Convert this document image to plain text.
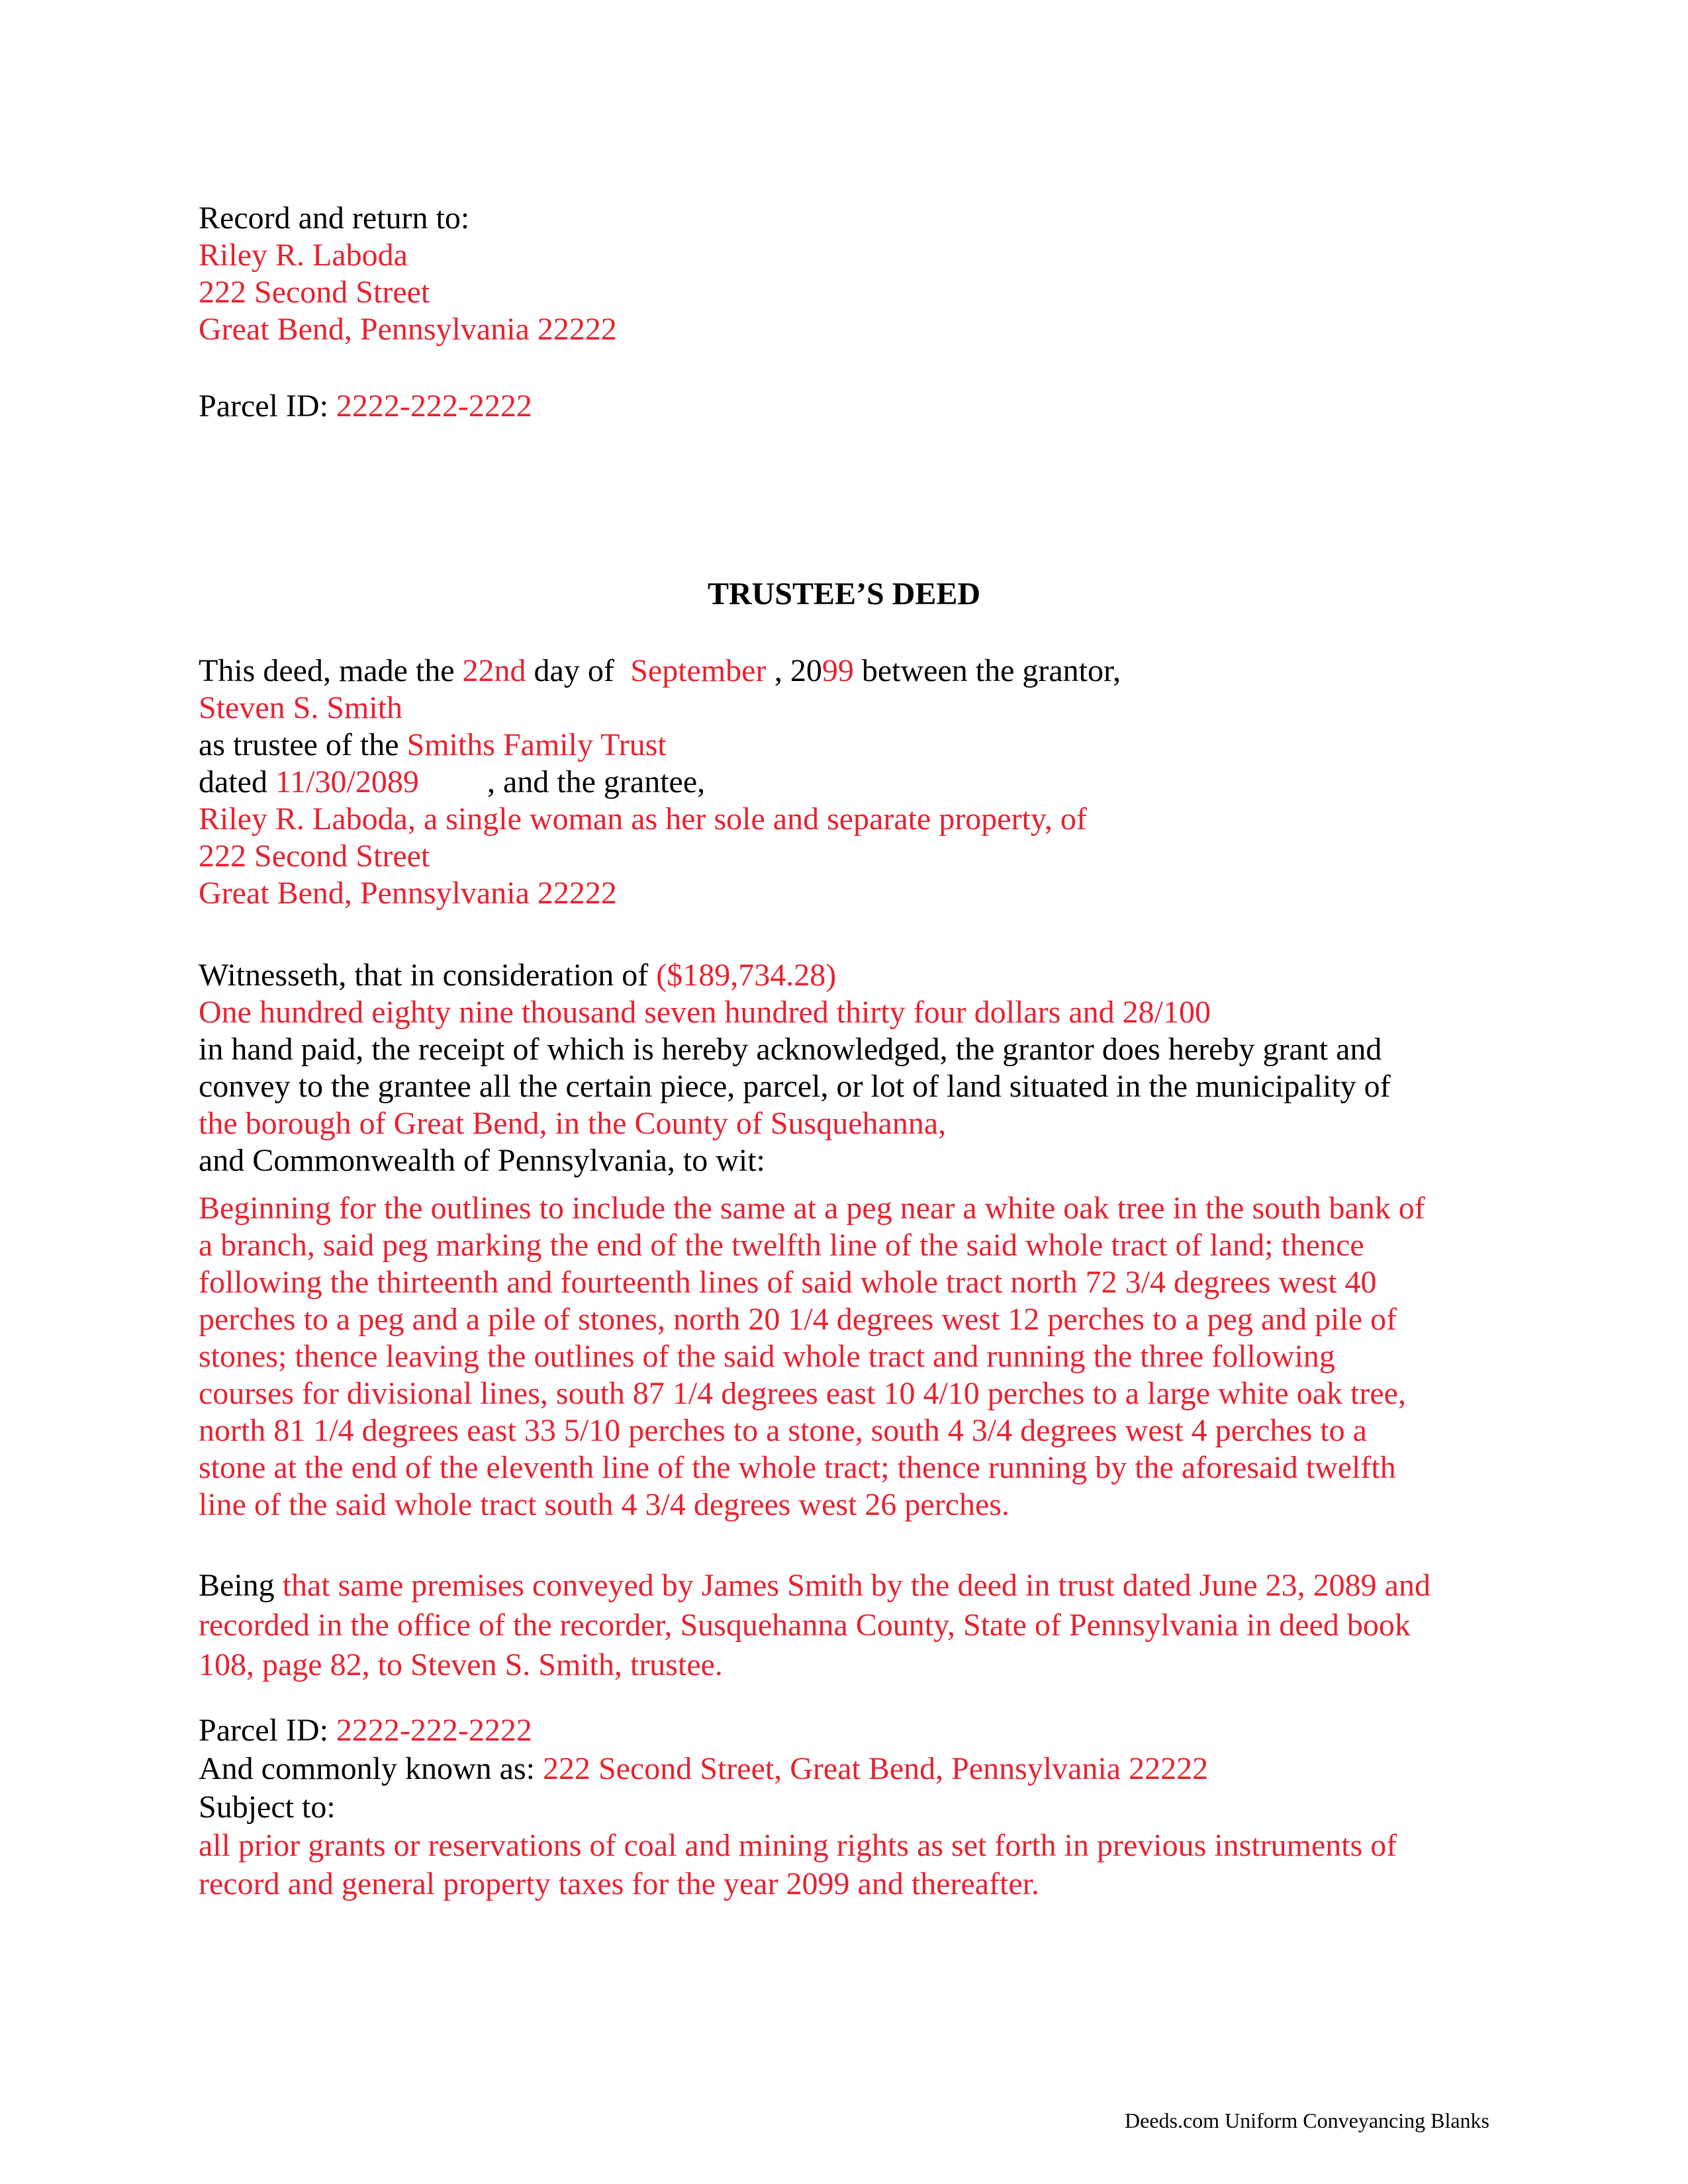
Record and return to:
Riley R. Laboda
222 Second Street
Great Bend, Pennsylvania 22222
Parcel ID: 2222-222-2222
TRUSTEE’S DEED
This deed, made the 22nd day of September , 2099 between the grantor,
Steven S. Smith
as trustee of the Smiths Family Trust
dated 11/30/2089 , and the grantee,
Riley R. Laboda, a single woman as her sole and separate property, of
222 Second Street
Great Bend, Pennsylvania 22222
Witnesseth, that in consideration of ($189,734.28)
One hundred eighty nine thousand seven hundred thirty four dollars and 28/100
in hand paid, the receipt of which is hereby acknowledged, the grantor does hereby grant and
convey to the grantee all the certain piece, parcel, or lot of land situated in the municipality of
the borough of Great Bend, in the County of Susquehanna,
and Commonwealth of Pennsylvania, to wit:
Beginning for the outlines to include the same at a peg near a white oak tree in the south bank of
a branch, said peg marking the end of the twelfth line of the said whole tract of land; thence
following the thirteenth and fourteenth lines of said whole tract north 72 3/4 degrees west 40
perches to a peg and a pile of stones, north 20 1/4 degrees west 12 perches to a peg and pile of
stones; thence leaving the outlines of the said whole tract and running the three following
courses for divisional lines, south 87 1/4 degrees east 10 4/10 perches to a large white oak tree,
north 81 1/4 degrees east 33 5/10 perches to a stone, south 4 3/4 degrees west 4 perches to a
stone at the end of the eleventh line of the whole tract; thence running by the aforesaid twelfth
line of the said whole tract south 4 3/4 degrees west 26 perches.
Being that same premises conveyed by James Smith by the deed in trust dated June 23, 2089 and
recorded in the office of the recorder, Susquehanna County, State of Pennsylvania in deed book
108, page 82, to Steven S. Smith, trustee.
Parcel ID: 2222-222-2222
And commonly known as: 222 Second Street, Great Bend, Pennsylvania 22222
Subject to:
all prior grants or reservations of coal and mining rights as set forth in previous instruments of
record and general property taxes for the year 2099 and thereafter.
Deeds.com Uniform Conveyancing Blanks
